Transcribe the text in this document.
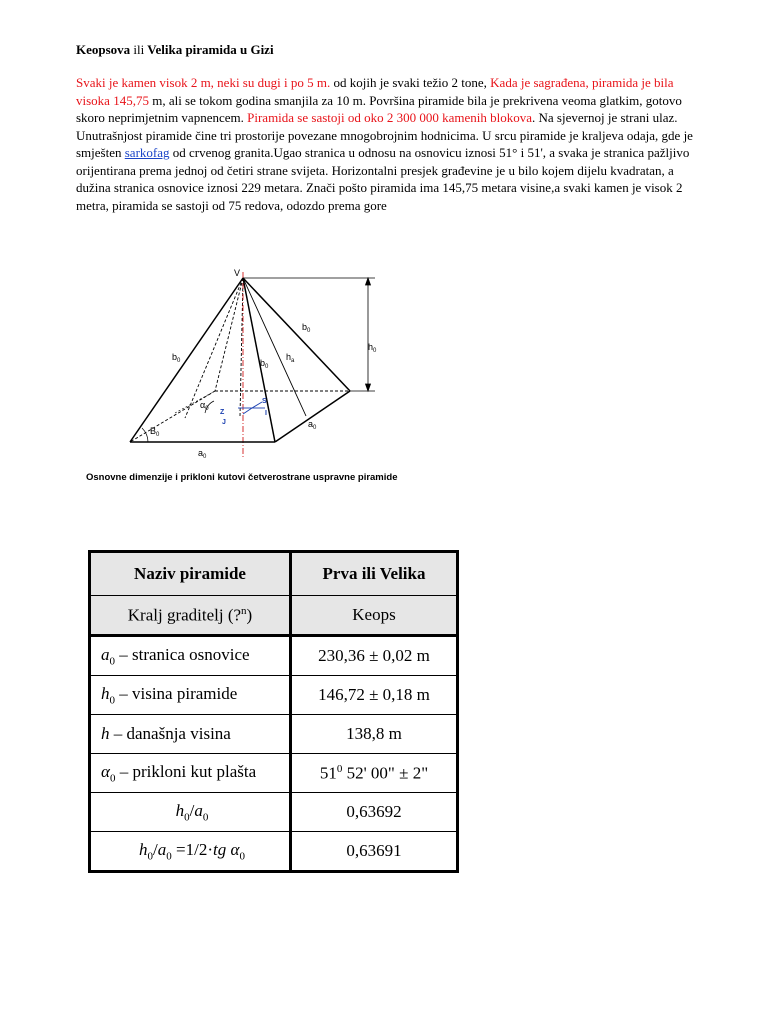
Keopsova ili Velika piramida u Gizi
Svaki je kamen visok 2 m, neki su dugi i po 5 m. od kojih je svaki težio 2 tone, Kada je sagrađena, piramida je bila visoka 145,75 m, ali se tokom godina smanjila za 10 m. Površina piramide bila je prekrivena veoma glatkim, gotovo skoro neprimjetnim vapnencem. Piramida se sastoji od oko 2 300 000 kamenih blokova. Na sjevernoj je strani ulaz. Unutrašnjost piramide čine tri prostorije povezane mnogobrojnim hodnicima. U srcu piramide je kraljeva odaja, gde je smješten sarkofag od crvenog granita.Ugao stranica u odnosu na osnovicu iznosi 51° i 51', a svaka je stranica pažljivo orijentirana prema jednoj od četiri strane svijeta. Horizontalni presjek građevine je u bilo kojem dijelu kvadratan, a dužina stranica osnovice iznosi 229 metara. Znači pošto piramida ima 145,75 metara visine,a svaki kamen je visok 2 metra, piramida se sastoji od 75 redova, odozdo prema gore
S
I
Z
J
V
$b_0$	$b_0$
$h_a$
$b_0$
$h_0$
$\alpha_0$
$B_0$
$a_0$
$a_0$
Osnovne dimenzije i prikloni kutovi četverostrane uspravne piramide
Naziv piramide	Prva ili Velika
Kralj graditelj (?$^n$)	Keops
$a_0$ – stranica osnovice	230,36 ± 0,02 m
$h_0$ – visina piramide	146,72 ± 0,18 m
h – današnja visina	138,8 m
$\alpha_0$ – prikloni kut plašta	$51^0$ 52' 00" ± 2"
$h_0/a_0$	0,63692
$h_0/a_0 =1/2\cdot tg$ $\alpha_0$	0,63691
